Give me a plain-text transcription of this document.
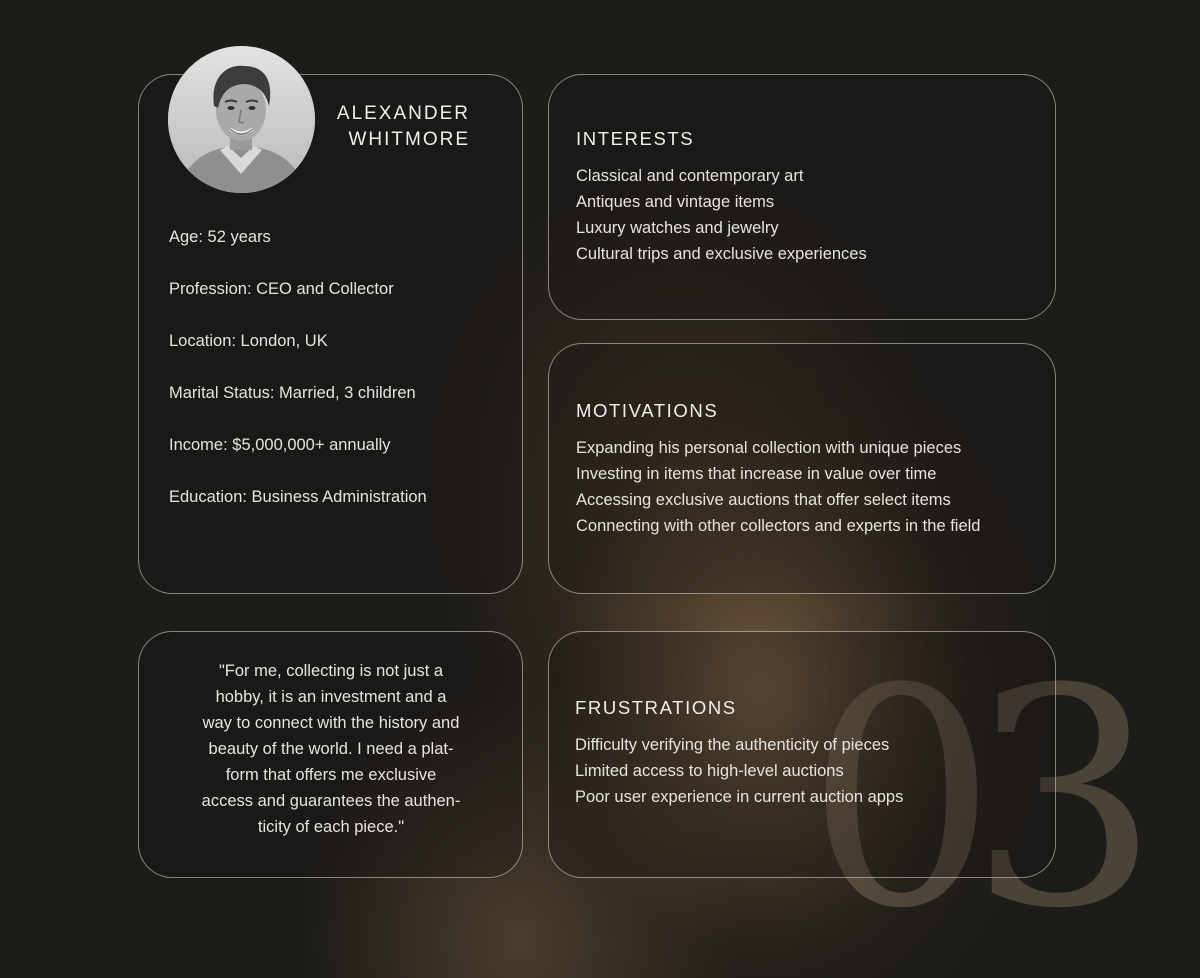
03
ALEXANDER
WHITMORE
Age: 52 years
Profession: CEO and Collector
Location: London, UK
Marital Status: Married, 3 children
Income: $5,000,000+ annually
Education: Business Administration
INTERESTS
Classical and contemporary art
Antiques and vintage items
Luxury watches and jewelry
Cultural trips and exclusive experiences
MOTIVATIONS
Expanding his personal collection with unique pieces
Investing in items that increase in value over time
Accessing exclusive auctions that offer select items
Connecting with other collectors and experts in the field
"For me, collecting is not just a
hobby, it is an investment and a
way to connect with the history and
beauty of the world. I need a plat-
form that offers me exclusive
access and guarantees the authen-
ticity of each piece."
FRUSTRATIONS
Difficulty verifying the authenticity of pieces
Limited access to high-level auctions
Poor user experience in current auction apps
